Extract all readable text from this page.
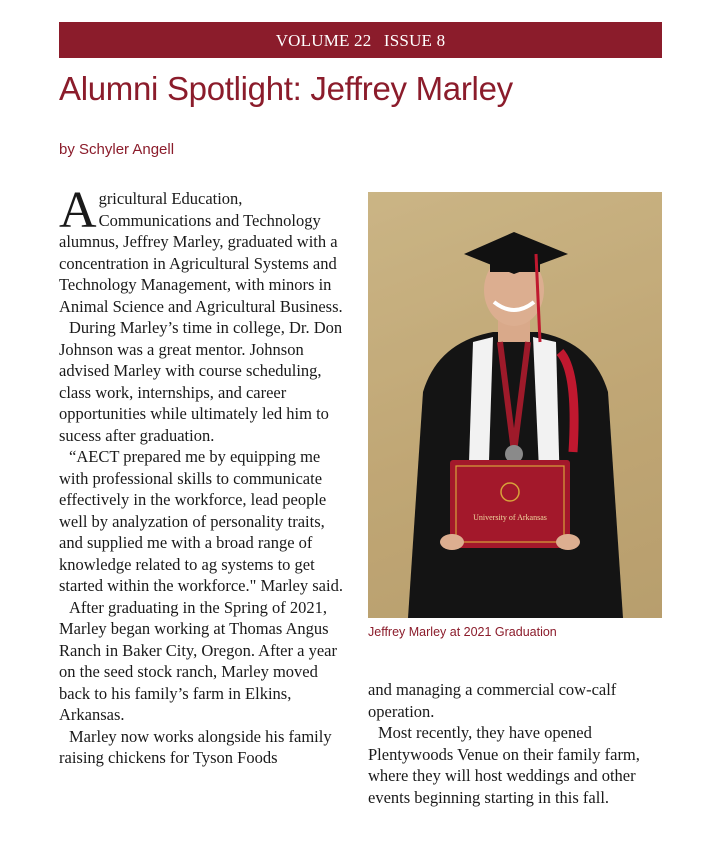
VOLUME 22 ISSUE 8
Alumni Spotlight: Jeffrey Marley
by Schyler Angell

Agricultural Education, Communications and Technology alumnus, Jeffrey Marley, graduated with a concentration in Agricultural Systems and Technology Management, with minors in Animal Science and Agricultural Business.

During Marley’s time in college, Dr. Don Johnson was a great mentor. Johnson advised Marley with course scheduling, class work, internships, and career opportunities while ultimately led him to sucess after graduation.

“AECT prepared me by equipping me with professional skills to communicate effectively in the workforce, lead people well by analyzation of personality traits, and supplied me with a broad range of knowledge related to ag systems to get started within the workforce." Marley said.

After graduating in the Spring of 2021, Marley began working at Thomas Angus Ranch in Baker City, Oregon. After a year on the seed stock ranch, Marley moved back to his family’s farm in Elkins, Arkansas.

Marley now works alongside his family raising chickens for Tyson Foods

University of Arkansas
Jeffrey Marley at 2021 Graduation

and managing a commercial cow-calf operation.

Most recently, they have opened Plentywoods Venue on their family farm, where they will host weddings and other events beginning starting in this fall.
